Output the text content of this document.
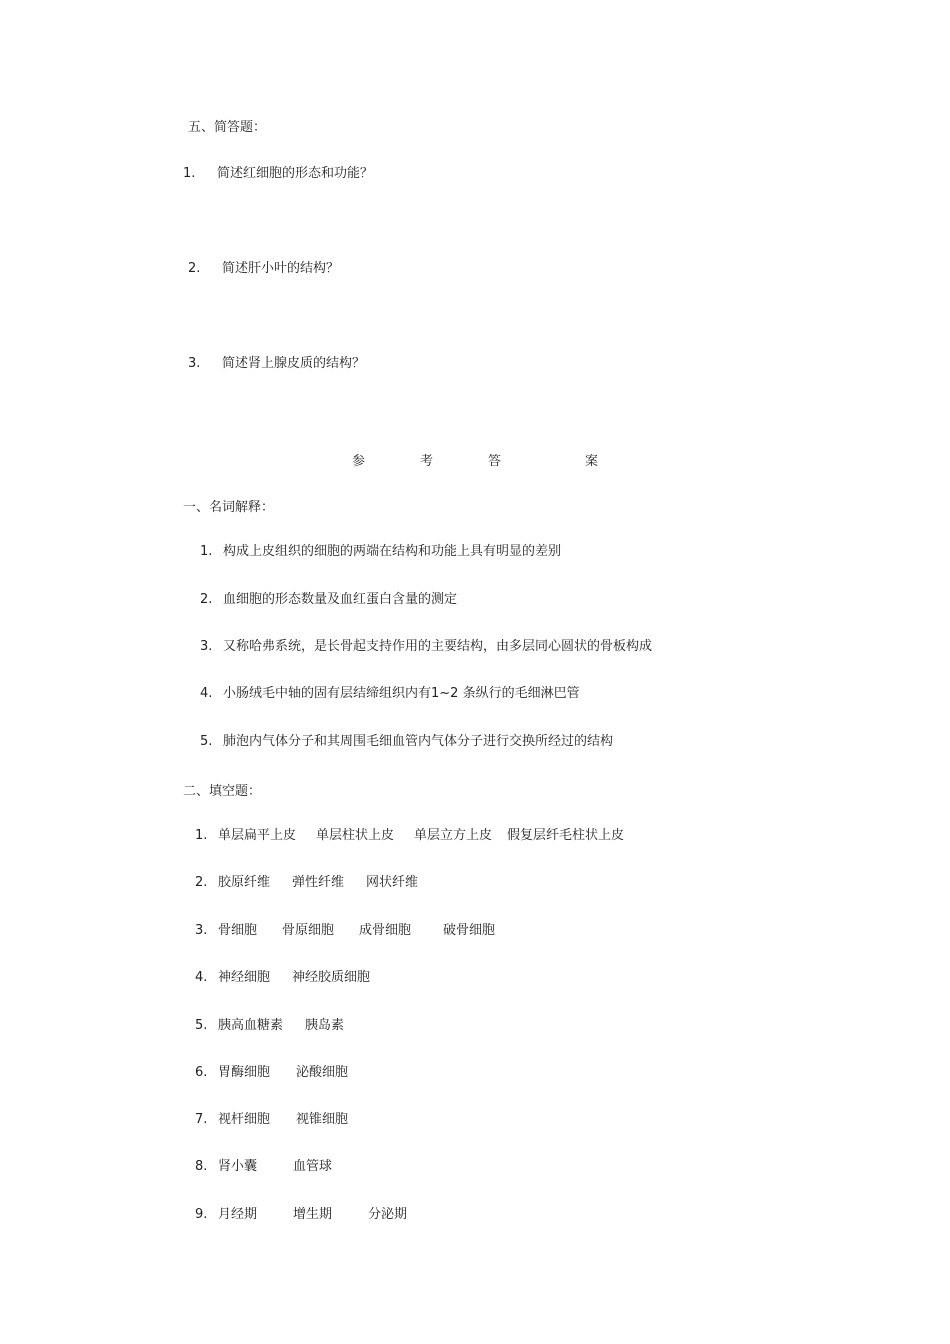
五、简答题：
1. 简述红细胞的形态和功能？
2. 简述肝小叶的结构？
3. 简述肾上腺皮质的结构？
参	考	答	案
一、名词解释：
1. 构成上皮组织的细胞的两端在结构和功能上具有明显的差别
2. 血细胞的形态数量及血红蛋白含量的测定
3. 又称哈弗系统，是长骨起支持作用的主要结构，由多层同心圆状的骨板构成
4. 小肠绒毛中轴的固有层结缔组织内有1~2 条纵行的毛细淋巴管
5. 肺泡内气体分子和其周围毛细血管内气体分子进行交换所经过的结构
二、填空题：
1. 单层扁平上皮 单层柱状上皮 单层立方上皮 假复层纤毛柱状上皮
2. 胶原纤维 弹性纤维 网状纤维
3. 骨细胞 骨原细胞 成骨细胞 破骨细胞
4. 神经细胞 神经胶质细胞
5. 胰高血糖素 胰岛素
6. 胃酶细胞 泌酸细胞
7. 视杆细胞 视锥细胞
8. 肾小囊	血管球
9. 月经期	增生期	分泌期
